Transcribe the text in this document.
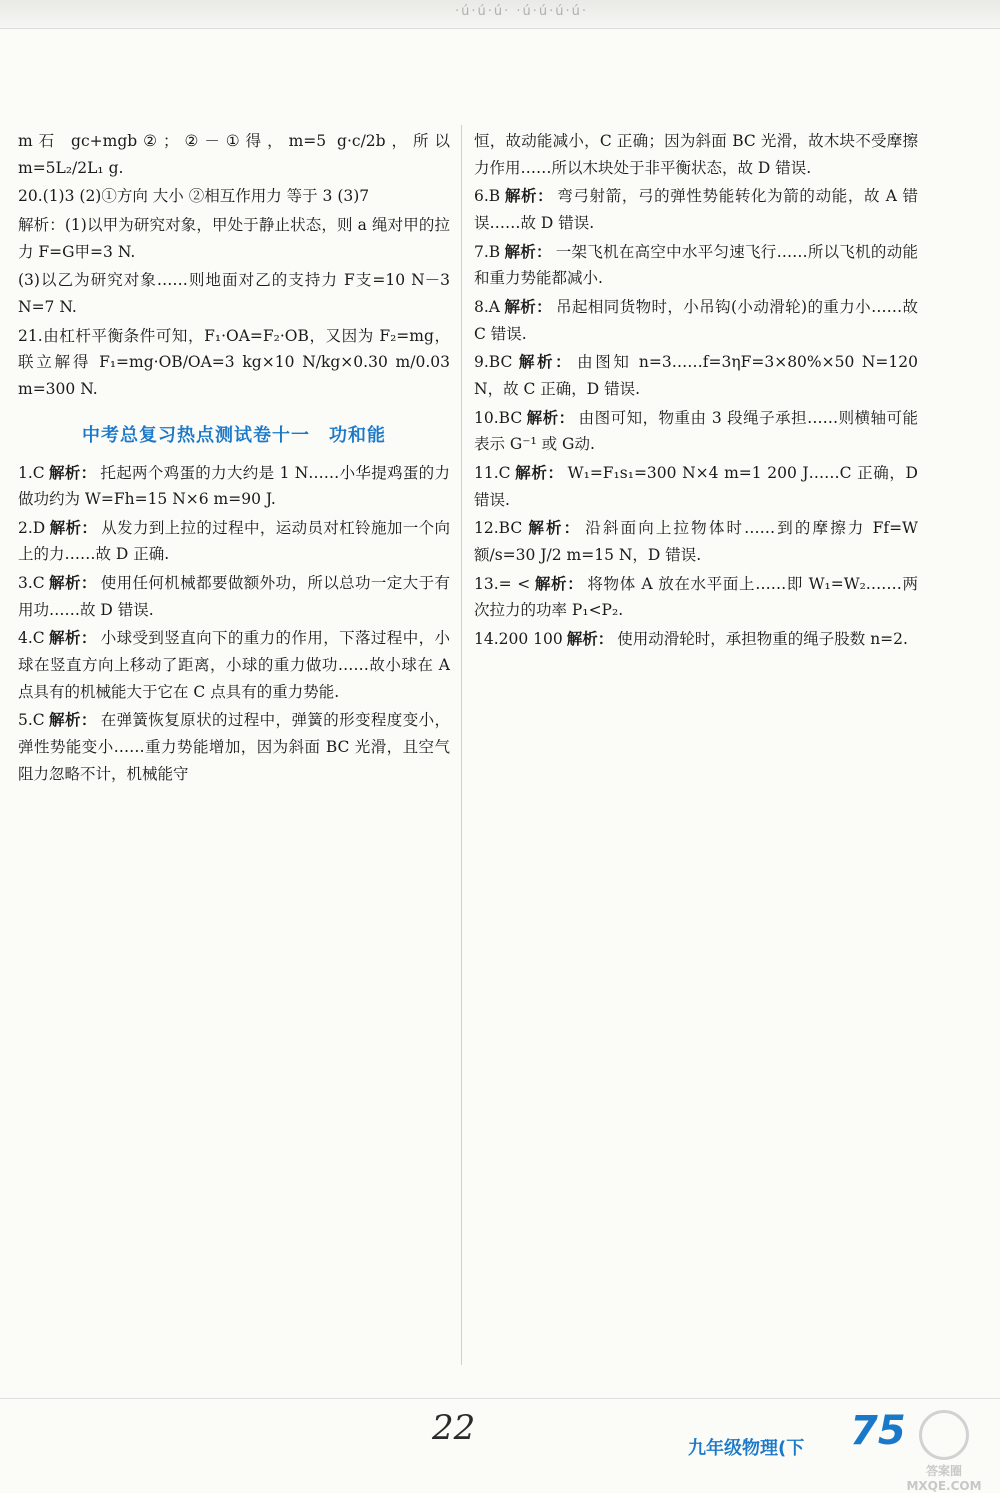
·ú·ú·ú· ·ú·ú·ú·ú·
m石 gc+mgb②；②－①得，m=5 g·c/2b，所以 m=5L₂/2L₁ g.
20.(1)3 (2)①方向 大小 ②相互作用力 等于 3 (3)7
解析：(1)以甲为研究对象，甲处于静止状态，则 a 绳对甲的拉力 F=G甲=3 N.
(3)以乙为研究对象……则地面对乙的支持力 F支=10 N－3 N=7 N.
21.由杠杆平衡条件可知，F₁·OA=F₂·OB，又因为 F₂=mg，联立解得 F₁=mg·OB/OA=3 kg×10 N/kg×0.30 m/0.03 m=300 N.
中考总复习热点测试卷十一　功和能
1.C 解析： 托起两个鸡蛋的力大约是 1 N……小华提鸡蛋的力做功约为 W=Fh=15 N×6 m=90 J.
2.D 解析： 从发力到上拉的过程中，运动员对杠铃施加一个向上的力……故 D 正确.
3.C 解析： 使用任何机械都要做额外功，所以总功一定大于有用功……故 D 错误.
4.C 解析： 小球受到竖直向下的重力的作用，下落过程中，小球在竖直方向上移动了距离，小球的重力做功……故小球在 A 点具有的机械能大于它在 C 点具有的重力势能.
5.C 解析： 在弹簧恢复原状的过程中，弹簧的形变程度变小，弹性势能变小……重力势能增加，因为斜面 BC 光滑，且空气阻力忽略不计，机械能守
恒，故动能减小，C 正确；因为斜面 BC 光滑，故木块不受摩擦力作用……所以木块处于非平衡状态，故 D 错误.
6.B 解析： 弯弓射箭，弓的弹性势能转化为箭的动能，故 A 错误……故 D 错误.
7.B 解析： 一架飞机在高空中水平匀速飞行……所以飞机的动能和重力势能都减小.
8.A 解析： 吊起相同货物时，小吊钩(小动滑轮)的重力小……故 C 错误.
9.BC 解析： 由图知 n=3……f=3ηF=3×80%×50 N=120 N，故 C 正确，D 错误.
10.BC 解析： 由图可知，物重由 3 段绳子承担……则横轴可能表示 G⁻¹ 或 G动.
11.C 解析： W₁=F₁s₁=300 N×4 m=1 200 J……C 正确，D 错误.
12.BC 解析： 沿斜面向上拉物体时……到的摩擦力 Ff=W额/s=30 J/2 m=15 N，D 错误.
13.= < 解析： 将物体 A 放在水平面上……即 W₁=W₂.……两次拉力的功率 P₁<P₂.
14.200 100 解析： 使用动滑轮时，承担物重的绳子股数 n=2.
22
九年级物理(下 75
答案圈 MXQE.COM
